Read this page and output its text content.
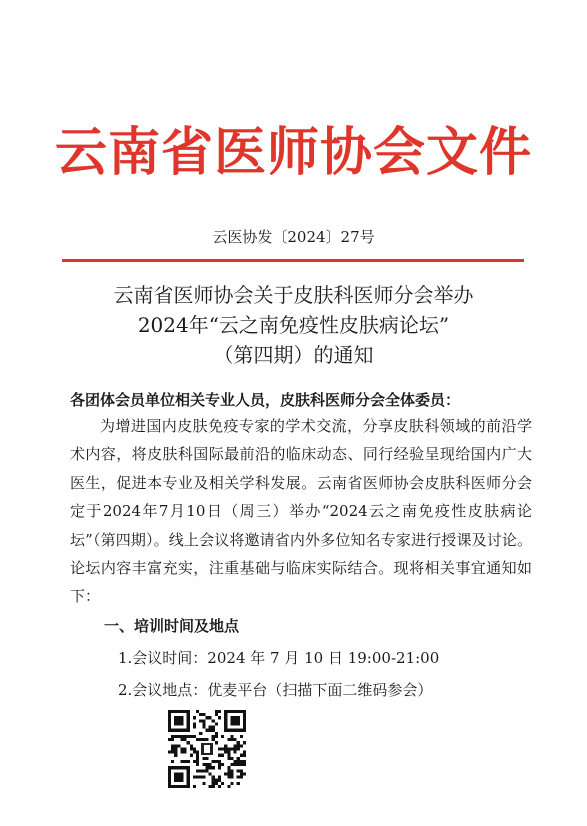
云南省医师协会文件
云医协发〔2024〕27号
云南省医师协会关于皮肤科医师分会举办
2024年“云之南免疫性皮肤病论坛”
（第四期）的通知
各团体会员单位相关专业人员，皮肤科医师分会全体委员：
为增进国内皮肤免疫专家的学术交流，分享皮肤科领域的前沿学术内容，将皮肤科国际最前沿的临床动态、同行经验呈现给国内广大医生，促进本专业及相关学科发展。云南省医师协会皮肤科医师分会定于2024年7月10日（周三）举办“2024云之南免疫性皮肤病论坛”（第四期）。线上会议将邀请省内外多位知名专家进行授课及讨论。论坛内容丰富充实，注重基础与临床实际结合。现将相关事宜通知如下：
一、培训时间及地点
1.会议时间：2024 年 7 月 10 日 19:00-21:00
2.会议地点：优麦平台（扫描下面二维码参会）
